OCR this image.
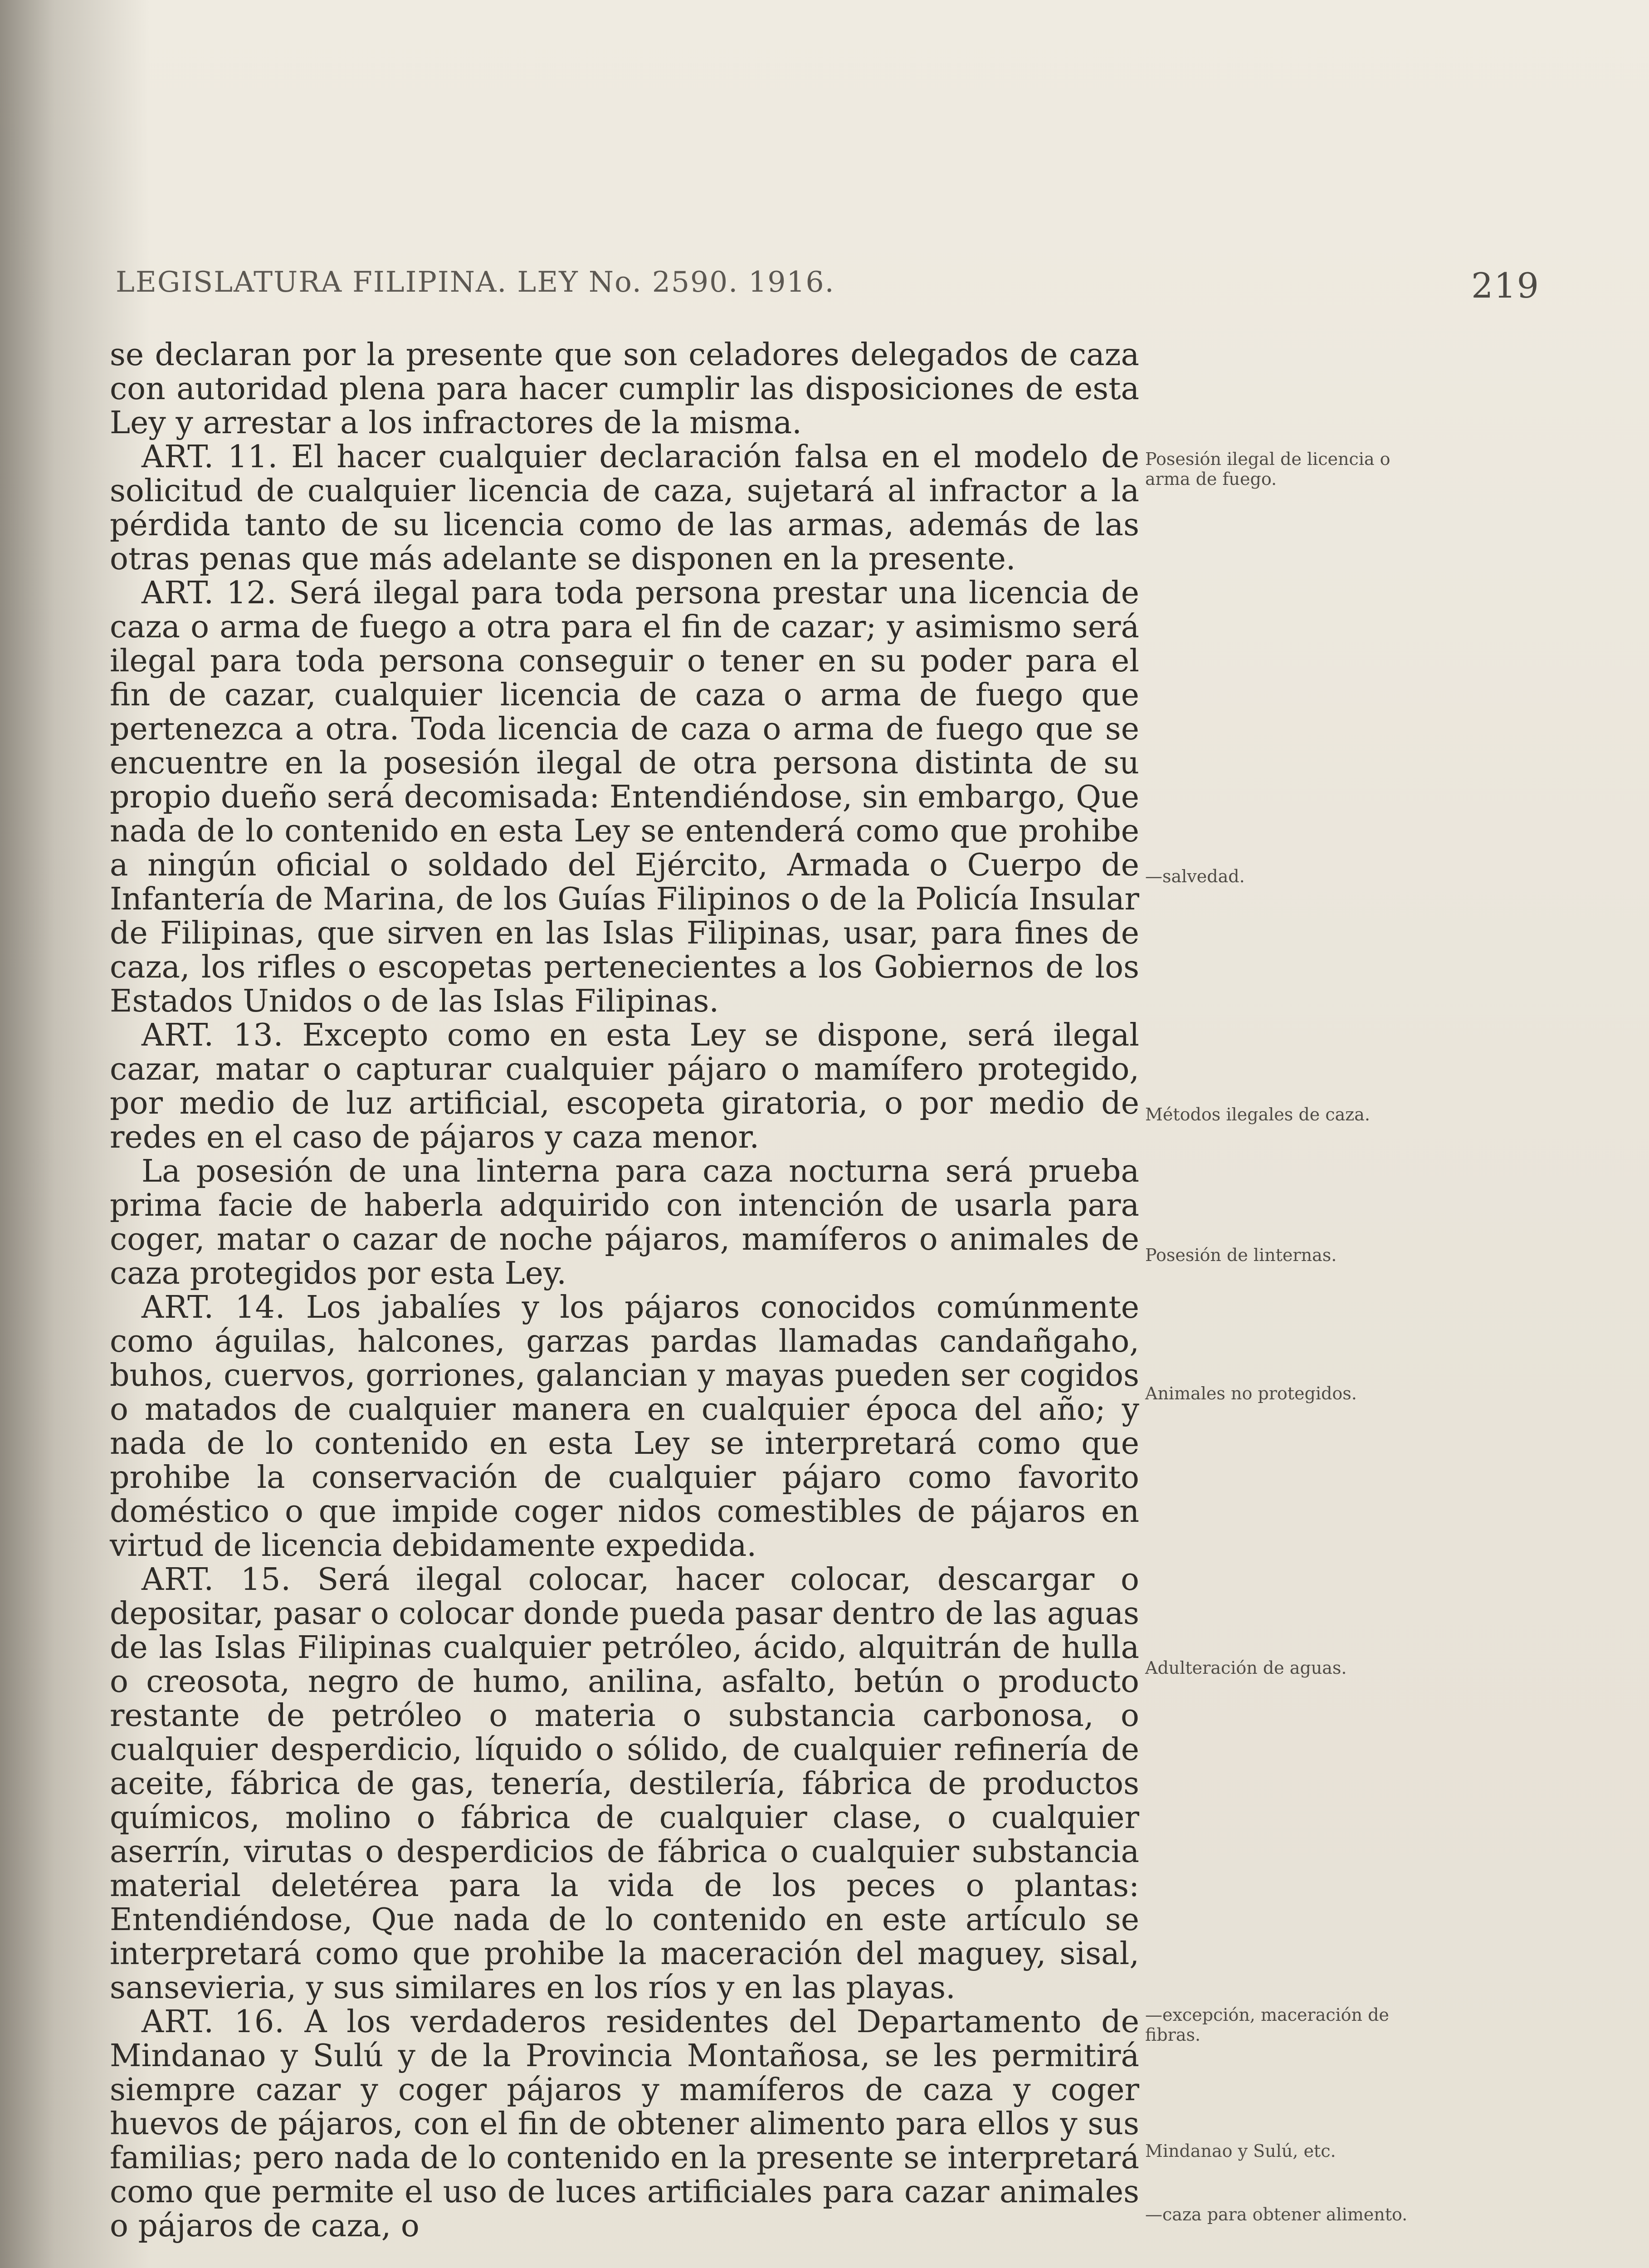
LEGISLATURA FILIPINA. LEY No. 2590. 1916.	219

se declaran por la presente que son celadores delegados de caza con autoridad plena para hacer cumplir las disposiciones de esta Ley y arrestar a los infractores de la misma.

ART. 11. El hacer cualquier declaración falsa en el modelo de solicitud de cualquier licencia de caza, sujetará al infractor a la pérdida tanto de su licencia como de las armas, además de las otras penas que más adelante se disponen en la presente.

ART. 12. Será ilegal para toda persona prestar una licencia de caza o arma de fuego a otra para el fin de cazar; y asimismo será ilegal para toda persona conseguir o tener en su poder para el fin de cazar, cualquier licencia de caza o arma de fuego que pertenezca a otra. Toda licencia de caza o arma de fuego que se encuentre en la posesión ilegal de otra persona distinta de su propio dueño será decomisada: Entendiéndose, sin embargo, Que nada de lo contenido en esta Ley se entenderá como que prohibe a ningún oficial o soldado del Ejército, Armada o Cuerpo de Infantería de Marina, de los Guías Filipinos o de la Policía Insular de Filipinas, que sirven en las Islas Filipinas, usar, para fines de caza, los rifles o escopetas pertenecientes a los Gobiernos de los Estados Unidos o de las Islas Filipinas.

ART. 13. Excepto como en esta Ley se dispone, será ilegal cazar, matar o capturar cualquier pájaro o mamífero protegido, por medio de luz artificial, escopeta giratoria, o por medio de redes en el caso de pájaros y caza menor.

La posesión de una linterna para caza nocturna será prueba prima facie de haberla adquirido con intención de usarla para coger, matar o cazar de noche pájaros, mamíferos o animales de caza protegidos por esta Ley.

ART. 14. Los jabalíes y los pájaros conocidos comúnmente como águilas, halcones, garzas pardas llamadas candañgaho, buhos, cuervos, gorriones, galancian y mayas pueden ser cogidos o matados de cualquier manera en cualquier época del año; y nada de lo contenido en esta Ley se interpretará como que prohibe la conservación de cualquier pájaro como favorito doméstico o que impide coger nidos comestibles de pájaros en virtud de licencia debidamente expedida.

ART. 15. Será ilegal colocar, hacer colocar, descargar o depositar, pasar o colocar donde pueda pasar dentro de las aguas de las Islas Filipinas cualquier petróleo, ácido, alquitrán de hulla o creosota, negro de humo, anilina, asfalto, betún o producto restante de petróleo o materia o substancia carbonosa, o cualquier desperdicio, líquido o sólido, de cualquier refinería de aceite, fábrica de gas, tenería, destilería, fábrica de productos químicos, molino o fábrica de cualquier clase, o cualquier aserrín, virutas o desperdicios de fábrica o cualquier substancia material deletérea para la vida de los peces o plantas: Entendiéndose, Que nada de lo contenido en este artículo se interpretará como que prohibe la maceración del maguey, sisal, sansevieria, y sus similares en los ríos y en las playas.

ART. 16. A los verdaderos residentes del Departamento de Mindanao y Sulú y de la Provincia Montañosa, se les permitirá siempre cazar y coger pájaros y mamíferos de caza y coger huevos de pájaros, con el fin de obtener alimento para ellos y sus familias; pero nada de lo contenido en la presente se interpretará como que permite el uso de luces artificiales para cazar animales o pájaros de caza, o

Posesión ilegal de licencia o arma de fuego.
—salvedad.
Métodos ilegales de caza.
Posesión de linternas.
Animales no protegidos.
Adulteración de aguas.
—excepción, maceración de fibras.
Mindanao y Sulú, etc.
—caza para obtener alimento.
